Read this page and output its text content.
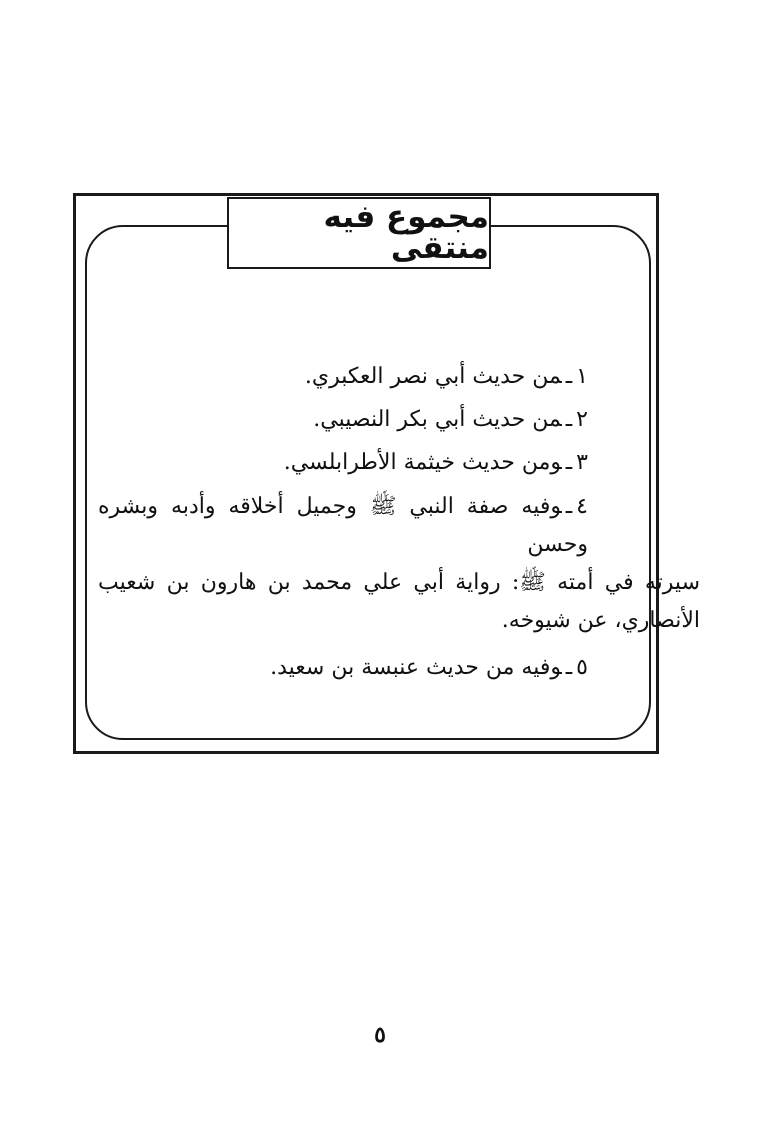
مجموع فيه منتقى
١ـمن حديث أبي نصر العكبري.
٢ـمن حديث أبي بكر النصيبي.
٣ـومن حديث خيثمة الأطرابلسي.
٤ـوفيه صفة النبي ﷺ وجميل أخلاقه وأدبه وبشره وحسن
سيرته في أمته ﷺ: رواية أبي علي محمد بن هارون بن شعيب الأنصاري، عن شيوخه.
٥ـوفيه من حديث عنبسة بن سعيد.
٥
